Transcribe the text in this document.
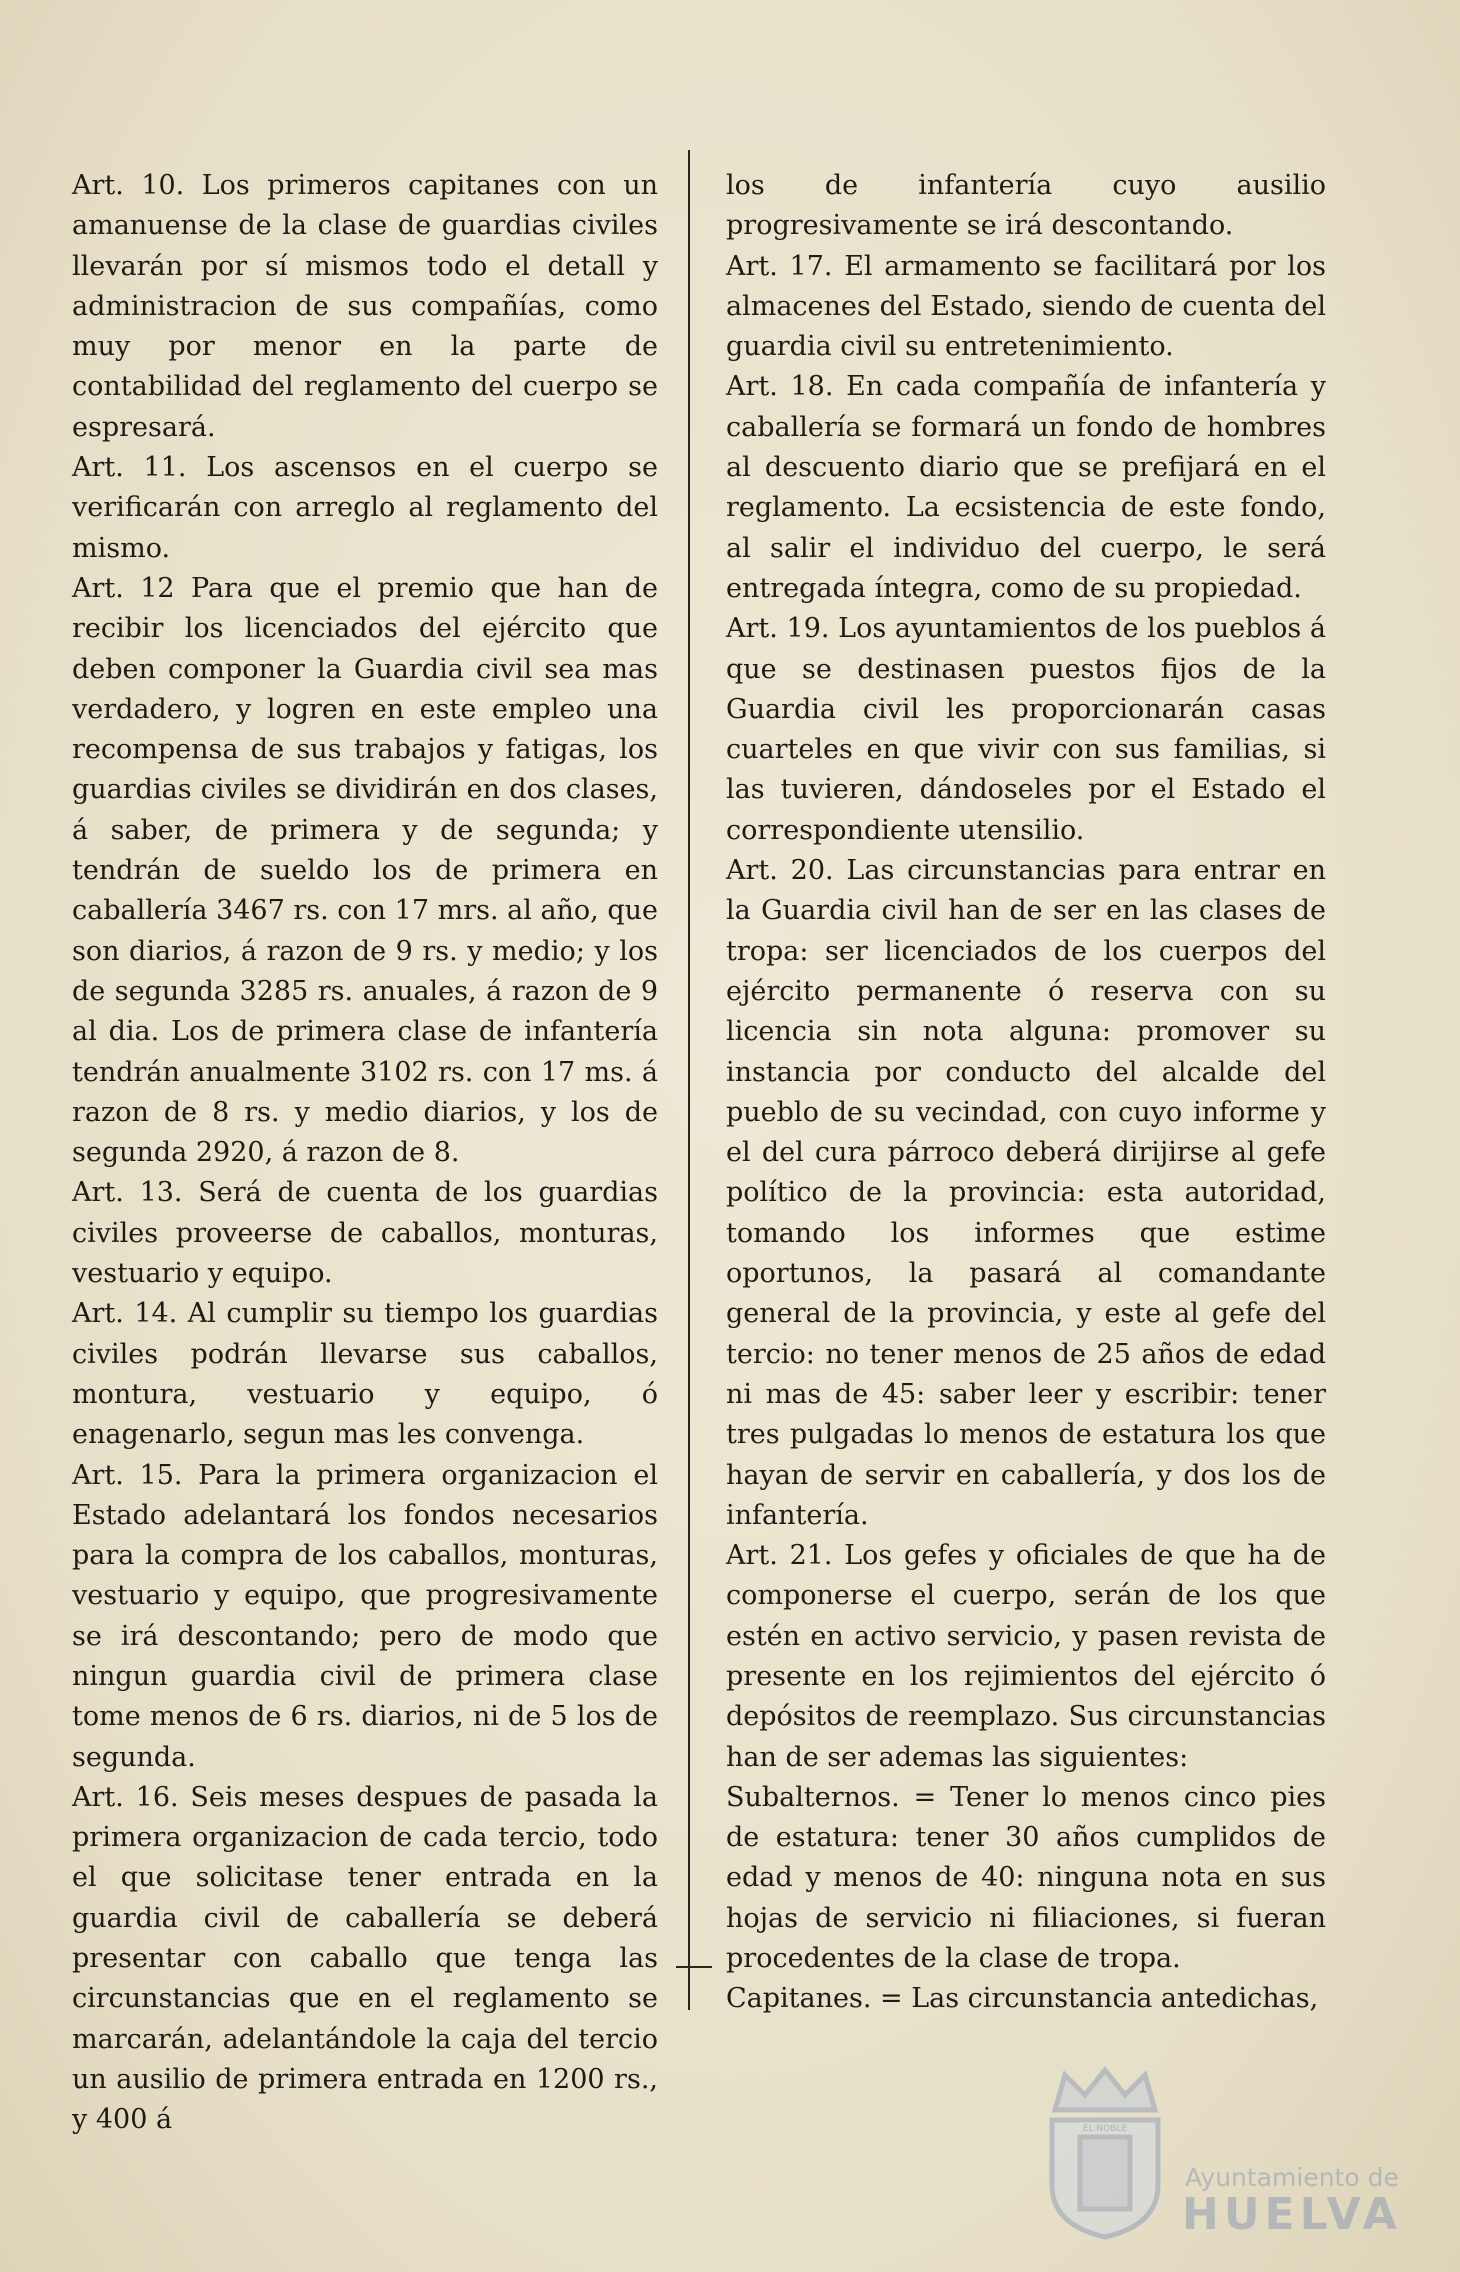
Art. 10. Los primeros capitanes con un amanuense de la clase de guardias civiles llevarán por sí mismos todo el detall y administracion de sus compañías, como muy por menor en la parte de contabilidad del reglamento del cuerpo se espresará.

Art. 11. Los ascensos en el cuerpo se verificarán con arreglo al reglamento del mismo.

Art. 12 Para que el premio que han de recibir los licenciados del ejército que deben componer la Guardia civil sea mas verdadero, y logren en este empleo una recompensa de sus trabajos y fatigas, los guardias civiles se dividirán en dos clases, á saber, de primera y de segunda; y tendrán de sueldo los de primera en caballería 3467 rs. con 17 mrs. al año, que son diarios, á razon de 9 rs. y medio; y los de segunda 3285 rs. anuales, á razon de 9 al dia. Los de primera clase de infantería tendrán anualmente 3102 rs. con 17 ms. á razon de 8 rs. y medio diarios, y los de segunda 2920, á razon de 8.

Art. 13. Será de cuenta de los guardias civiles proveerse de caballos, monturas, vestuario y equipo.

Art. 14. Al cumplir su tiempo los guardias civiles podrán llevarse sus caballos, montura, vestuario y equipo, ó enagenarlo, segun mas les convenga.

Art. 15. Para la primera organizacion el Estado adelantará los fondos necesarios para la compra de los caballos, monturas, vestuario y equipo, que progresivamente se irá descontando; pero de modo que ningun guardia civil de primera clase tome menos de 6 rs. diarios, ni de 5 los de segunda.

Art. 16. Seis meses despues de pasada la primera organizacion de cada tercio, todo el que solicitase tener entrada en la guardia civil de caballería se deberá presentar con caballo que tenga las circunstancias que en el reglamento se marcarán, adelantándole la caja del tercio un ausilio de primera entrada en 1200 rs., y 400 á

los de infantería cuyo ausilio progresivamente se irá descontando.

Art. 17. El armamento se facilitará por los almacenes del Estado, siendo de cuenta del guardia civil su entretenimiento.

Art. 18. En cada compañía de infantería y caballería se formará un fondo de hombres al descuento diario que se prefijará en el reglamento. La ecsistencia de este fondo, al salir el individuo del cuerpo, le será entregada íntegra, como de su propiedad.

Art. 19. Los ayuntamientos de los pueblos á que se destinasen puestos fijos de la Guardia civil les proporcionarán casas cuarteles en que vivir con sus familias, si las tuvieren, dándoseles por el Estado el correspondiente utensilio.

Art. 20. Las circunstancias para entrar en la Guardia civil han de ser en las clases de tropa: ser licenciados de los cuerpos del ejército permanente ó reserva con su licencia sin nota alguna: promover su instancia por conducto del alcalde del pueblo de su vecindad, con cuyo informe y el del cura párroco deberá dirijirse al gefe político de la provincia: esta autoridad, tomando los informes que estime oportunos, la pasará al comandante general de la provincia, y este al gefe del tercio: no tener menos de 25 años de edad ni mas de 45: saber leer y escribir: tener tres pulgadas lo menos de estatura los que hayan de servir en caballería, y dos los de infantería.

Art. 21. Los gefes y oficiales de que ha de componerse el cuerpo, serán de los que estén en activo servicio, y pasen revista de presente en los rejimientos del ejército ó depósitos de reemplazo. Sus circunstancias han de ser ademas las siguientes:

Subalternos. = Tener lo menos cinco pies de estatura: tener 30 años cumplidos de edad y menos de 40: ninguna nota en sus hojas de servicio ni filiaciones, si fueran procedentes de la clase de tropa.

Capitanes. = Las circunstancia antedichas,

EL NOBLE
Ayuntamiento de
HUELVA
